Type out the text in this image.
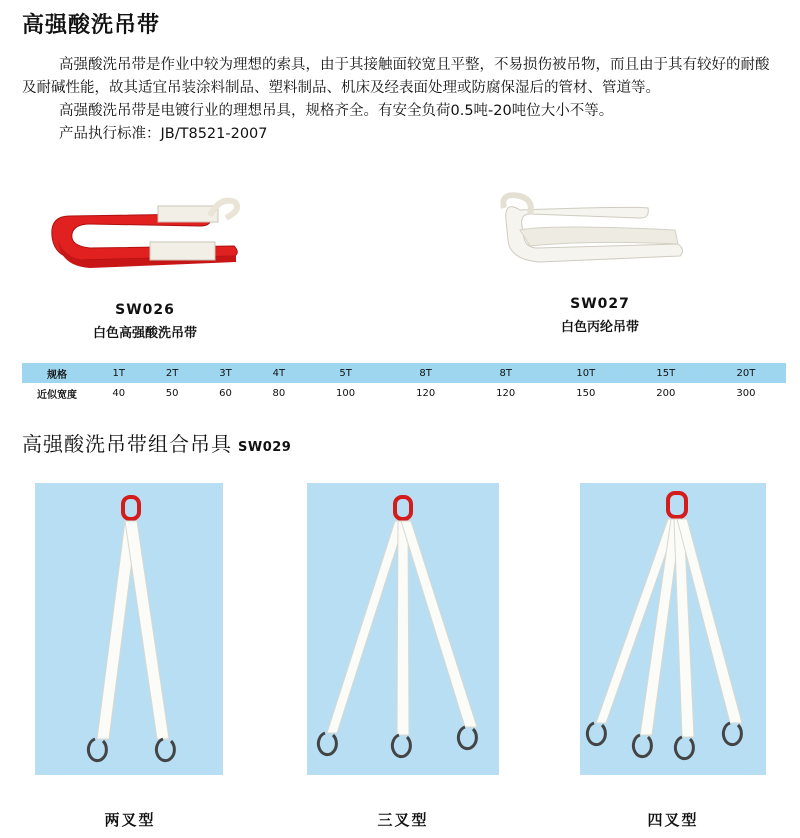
高强酸洗吊带

高强酸洗吊带是作业中较为理想的索具，由于其接触面较宽且平整，不易损伤被吊物，而且由于其有较好的耐酸及耐碱性能，故其适宜吊装涂料制品、塑料制品、机床及经表面处理或防腐保湿后的管材、管道等。

高强酸洗吊带是电镀行业的理想吊具，规格齐全。有安全负荷0.5吨-20吨位大小不等。

产品执行标准：JB/T8521-2007

SW026
白色高强酸洗吊带
SW027
白色丙纶吊带
规格	1T	2T	3T	4T	5T	8T	8T	10T	15T	20T
近似宽度	40	50	60	80	100	120	120	150	200	300
高强酸洗吊带组合吊具 SW029
两叉型	三叉型	四叉型
